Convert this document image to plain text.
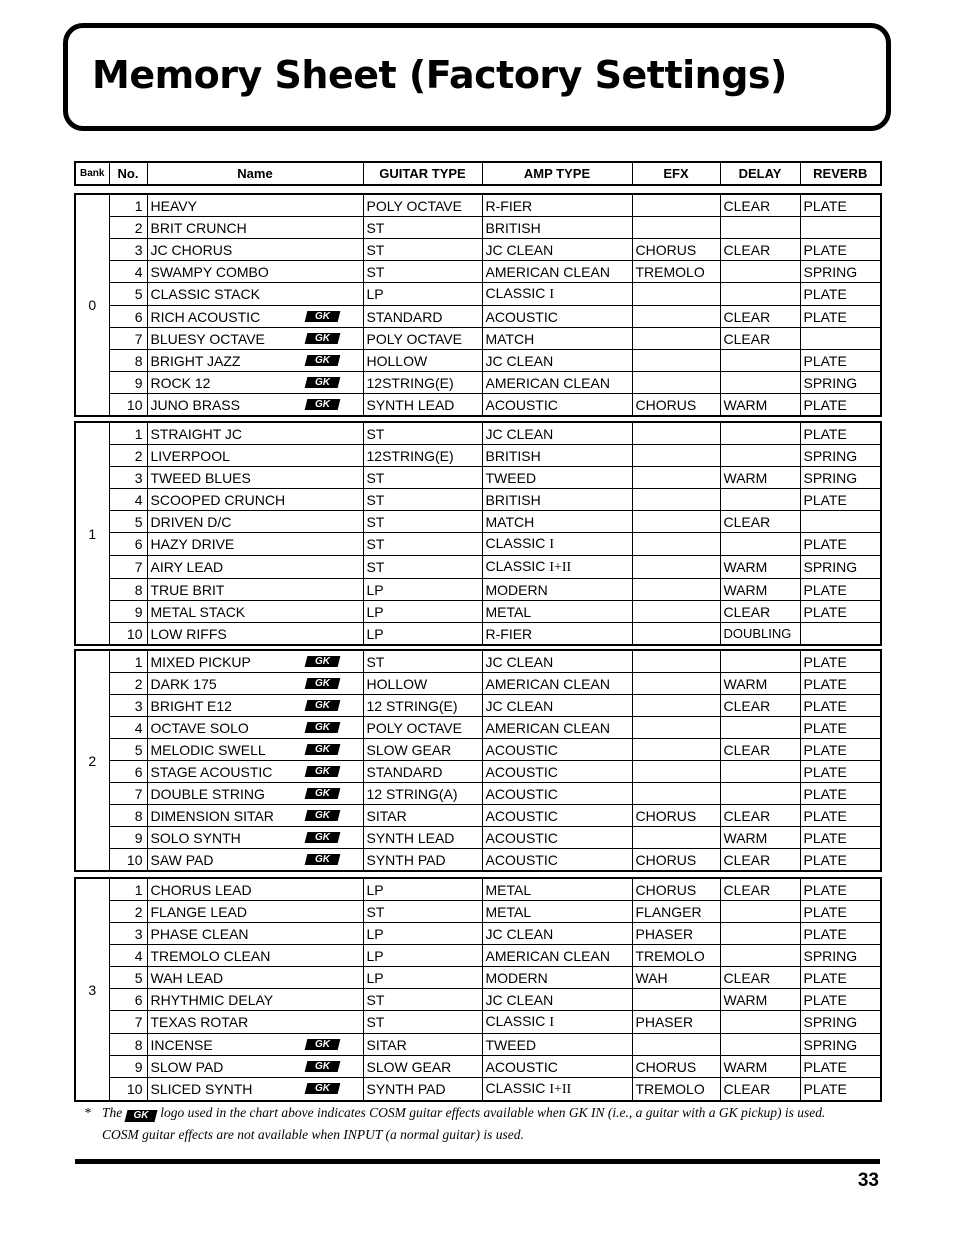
Memory Sheet (Factory Settings)
Bank	No.	Name	GUITAR TYPE	AMP TYPE	EFX	DELAY	REVERB
0	1	HEAVY	POLY OCTAVE	R-FIER		CLEAR	PLATE
	2	BRIT CRUNCH	ST	BRITISH			
	3	JC CHORUS	ST	JC CLEAN	CHORUS	CLEAR	PLATE
	4	SWAMPY COMBO	ST	AMERICAN CLEAN	TREMOLO		SPRING
	5	CLASSIC STACK	LP	CLASSIC I			PLATE
	6	RICH ACOUSTIC GK	STANDARD	ACOUSTIC		CLEAR	PLATE
	7	BLUESY OCTAVE GK	POLY OCTAVE	MATCH		CLEAR	
	8	BRIGHT JAZZ GK	HOLLOW	JC CLEAN			PLATE
	9	ROCK 12 GK	12STRING(E)	AMERICAN CLEAN			SPRING
	10	JUNO BRASS GK	SYNTH LEAD	ACOUSTIC	CHORUS	WARM	PLATE
1	1	STRAIGHT JC	ST	JC CLEAN			PLATE
	2	LIVERPOOL	12STRING(E)	BRITISH			SPRING
	3	TWEED BLUES	ST	TWEED		WARM	SPRING
	4	SCOOPED CRUNCH	ST	BRITISH			PLATE
	5	DRIVEN D/C	ST	MATCH		CLEAR	
	6	HAZY DRIVE	ST	CLASSIC I			PLATE
	7	AIRY LEAD	ST	CLASSIC I+II		WARM	SPRING
	8	TRUE BRIT	LP	MODERN		WARM	PLATE
	9	METAL STACK	LP	METAL		CLEAR	PLATE
	10	LOW RIFFS	LP	R-FIER		DOUBLING	
2	1	MIXED PICKUP GK	ST	JC CLEAN			PLATE
	2	DARK 175 GK	HOLLOW	AMERICAN CLEAN		WARM	PLATE
	3	BRIGHT E12 GK	12 STRING(E)	JC CLEAN		CLEAR	PLATE
	4	OCTAVE SOLO GK	POLY OCTAVE	AMERICAN CLEAN			PLATE
	5	MELODIC SWELL GK	SLOW GEAR	ACOUSTIC		CLEAR	PLATE
	6	STAGE ACOUSTIC GK	STANDARD	ACOUSTIC			PLATE
	7	DOUBLE STRING GK	12 STRING(A)	ACOUSTIC			PLATE
	8	DIMENSION SITAR GK	SITAR	ACOUSTIC	CHORUS	CLEAR	PLATE
	9	SOLO SYNTH GK	SYNTH LEAD	ACOUSTIC		WARM	PLATE
	10	SAW PAD GK	SYNTH PAD	ACOUSTIC	CHORUS	CLEAR	PLATE
3	1	CHORUS LEAD	LP	METAL	CHORUS	CLEAR	PLATE
	2	FLANGE LEAD	ST	METAL	FLANGER		PLATE
	3	PHASE CLEAN	LP	JC CLEAN	PHASER		PLATE
	4	TREMOLO CLEAN	LP	AMERICAN CLEAN	TREMOLO		SPRING
	5	WAH LEAD	LP	MODERN	WAH	CLEAR	PLATE
	6	RHYTHMIC DELAY	ST	JC CLEAN		WARM	PLATE
	7	TEXAS ROTAR	ST	CLASSIC I	PHASER		SPRING
	8	INCENSE GK	SITAR	TWEED			SPRING
	9	SLOW PAD GK	SLOW GEAR	ACOUSTIC	CHORUS	WARM	PLATE
	10	SLICED SYNTH GK	SYNTH PAD	CLASSIC I+II	TREMOLO	CLEAR	PLATE
* The	GK logo used in the chart above indicates COSM guitar effects available when GK IN (i.e., a guitar with a GK pickup) is used.
COSM guitar effects are not available when INPUT (a normal guitar) is used.
33
